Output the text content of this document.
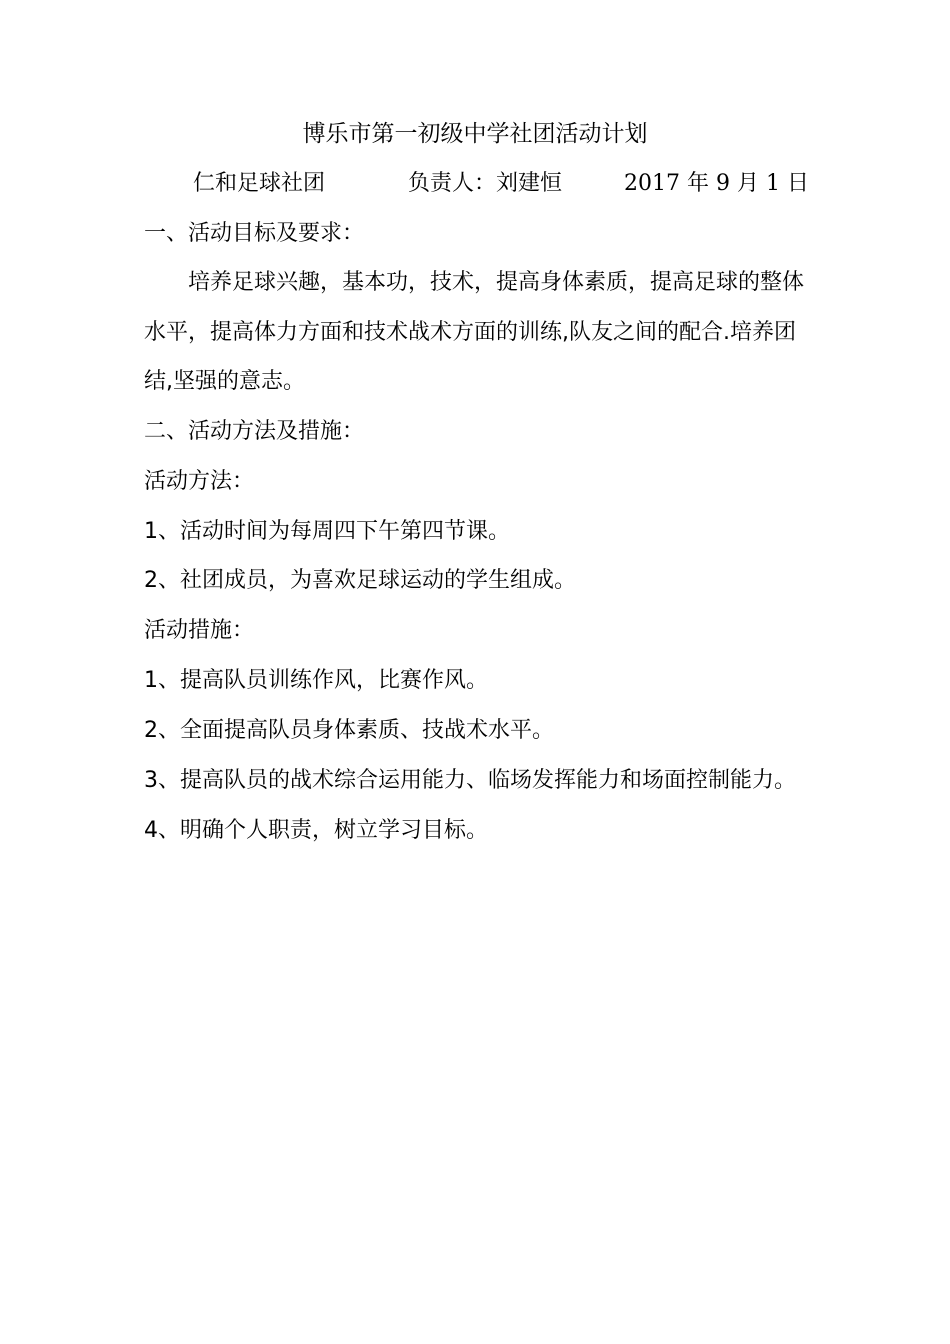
博乐市第一初级中学社团活动计划
仁和足球社团	负责人：刘建恒	2017 年 9 月 1 日
一、活动目标及要求：
培养足球兴趣，基本功，技术，提高身体素质，提高足球的整体
水平，提高体力方面和技术战术方面的训练,队友之间的配合.培养团
结,坚强的意志。
二、活动方法及措施：
活动方法：
1、活动时间为每周四下午第四节课。
2、社团成员，为喜欢足球运动的学生组成。
活动措施：
1、提高队员训练作风，比赛作风。
2、全面提高队员身体素质、技战术水平。
3、提高队员的战术综合运用能力、临场发挥能力和场面控制能力。
4、明确个人职责，树立学习目标。
